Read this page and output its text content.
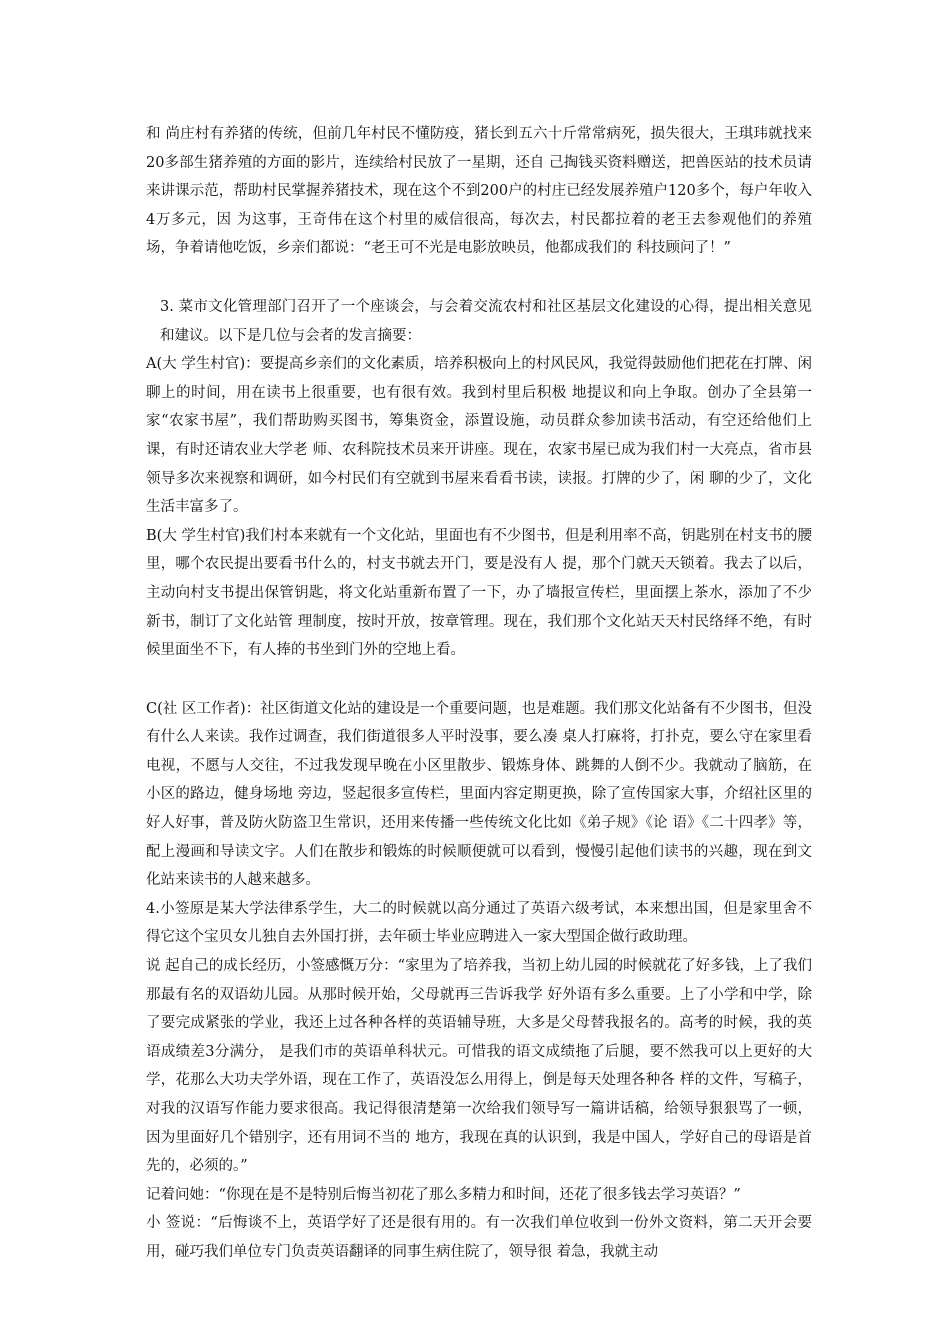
和 尚庄村有养猪的传统，但前几年村民不懂防疫，猪长到五六十斤常常病死，损失很大，王琪玮就找来20多部生猪养殖的方面的影片，连续给村民放了一星期，还自 己掏钱买资料赠送，把兽医站的技术员请来讲课示范，帮助村民掌握养猪技术，现在这个不到200户的村庄已经发展养殖户120多个，每户年收入4万多元，因 为这事，王奇伟在这个村里的威信很高，每次去，村民都拉着的老王去参观他们的养殖场，争着请他吃饭，乡亲们都说：“老王可不光是电影放映员，他都成我们的 科技顾问了！”

3. 菜市文化管理部门召开了一个座谈会，与会着交流农村和社区基层文化建设的心得，提出相关意见和建议。以下是几位与会者的发言摘要：

A(大 学生村官)：要提高乡亲们的文化素质，培养积极向上的村风民风，我觉得鼓励他们把花在打牌、闲聊上的时间，用在读书上很重要，也有很有效。我到村里后积极 地提议和向上争取。创办了全县第一家“农家书屋”，我们帮助购买图书，筹集资金，添置设施，动员群众参加读书活动，有空还给他们上课，有时还请农业大学老 师、农科院技术员来开讲座。现在，农家书屋已成为我们村一大亮点，省市县领导多次来视察和调研，如今村民们有空就到书屋来看看书读，读报。打牌的少了，闲 聊的少了，文化生活丰富多了。

B(大 学生村官)我们村本来就有一个文化站，里面也有不少图书，但是利用率不高，钥匙别在村支书的腰里，哪个农民提出要看书什么的，村支书就去开门，要是没有人 提，那个门就天天锁着。我去了以后，主动向村支书提出保管钥匙，将文化站重新布置了一下，办了墙报宣传栏，里面摆上茶水，添加了不少新书，制订了文化站管 理制度，按时开放，按章管理。现在，我们那个文化站天天村民络绎不绝，有时候里面坐不下，有人捧的书坐到门外的空地上看。

C(社 区工作者)：社区街道文化站的建设是一个重要问题，也是难题。我们那文化站备有不少图书，但没有什么人来读。我作过调查，我们街道很多人平时没事，要么凑 桌人打麻将，打扑克，要么守在家里看电视，不愿与人交往，不过我发现早晚在小区里散步、锻炼身体、跳舞的人倒不少。我就动了脑筋，在小区的路边，健身场地 旁边，竖起很多宣传栏，里面内容定期更换，除了宣传国家大事，介绍社区里的好人好事，普及防火防盗卫生常识，还用来传播一些传统文化比如《弟子规》《论 语》《二十四孝》等，配上漫画和导读文字。人们在散步和锻炼的时候顺便就可以看到，慢慢引起他们读书的兴趣，现在到文化站来读书的人越来越多。

4.小签原是某大学法律系学生，大二的时候就以高分通过了英语六级考试，本来想出国，但是家里舍不得它这个宝贝女儿独自去外国打拼，去年硕士毕业应聘进入一家大型国企做行政助理。

说 起自己的成长经历，小签感慨万分：“家里为了培养我，当初上幼儿园的时候就花了好多钱，上了我们那最有名的双语幼儿园。从那时候开始，父母就再三告诉我学 好外语有多么重要。上了小学和中学，除了要完成紧张的学业，我还上过各种各样的英语辅导班，大多是父母替我报名的。高考的时候，我的英语成绩差3分满分， 是我们市的英语单科状元。可惜我的语文成绩拖了后腿，要不然我可以上更好的大学，花那么大功夫学外语，现在工作了，英语没怎么用得上，倒是每天处理各种各 样的文件，写稿子，对我的汉语写作能力要求很高。我记得很清楚第一次给我们领导写一篇讲话稿，给领导狠狠骂了一顿，因为里面好几个错别字，还有用词不当的 地方，我现在真的认识到，我是中国人，学好自己的母语是首先的，必须的。”

记着问她：“你现在是不是特别后悔当初花了那么多精力和时间，还花了很多钱去学习英语？”

小 签说：“后悔谈不上，英语学好了还是很有用的。有一次我们单位收到一份外文资料，第二天开会要用，碰巧我们单位专门负责英语翻译的同事生病住院了，领导很 着急，我就主动
